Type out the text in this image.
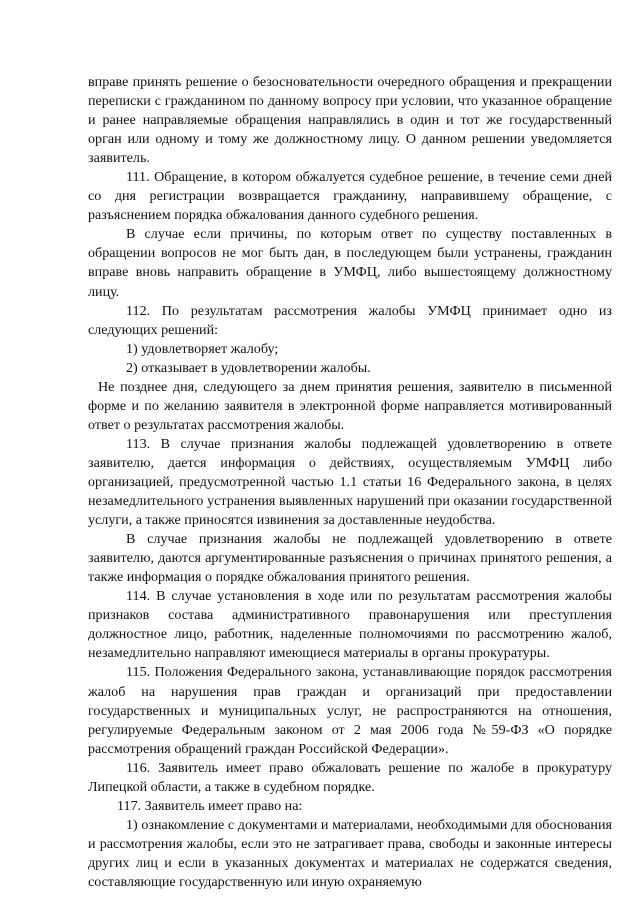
вправе принять решение о безосновательности очередного обращения и прекращении переписки с гражданином по данному вопросу при условии, что указанное обращение и ранее направляемые обращения направлялись в один и тот же государственный орган или одному и тому же должностному лицу. О данном решении уведомляется заявитель.

111. Обращение, в котором обжалуется судебное решение, в течение семи дней со дня регистрации возвращается гражданину, направившему обращение, с разъяснением порядка обжалования данного судебного решения.

В случае если причины, по которым ответ по существу поставленных в обращении вопросов не мог быть дан, в последующем были устранены, гражданин вправе вновь направить обращение в УМФЦ, либо вышестоящему должностному лицу.

112. По результатам рассмотрения жалобы УМФЦ принимает одно из следующих решений:

1) удовлетворяет жалобу;

2) отказывает в удовлетворении жалобы.

Не позднее дня, следующего за днем принятия решения, заявителю в письменной форме и по желанию заявителя в электронной форме направляется мотивированный ответ о результатах рассмотрения жалобы.

113. В случае признания жалобы подлежащей удовлетворению в ответе заявителю, дается информация о действиях, осуществляемым УМФЦ либо организацией, предусмотренной частью 1.1 статьи 16 Федерального закона, в целях незамедлительного устранения выявленных нарушений при оказании государственной услуги, а также приносятся извинения за доставленные неудобства.

В случае признания жалобы не подлежащей удовлетворению в ответе заявителю, даются аргументированные разъяснения о причинах принятого решения, а также информация о порядке обжалования принятого решения.

114. В случае установления в ходе или по результатам рассмотрения жалобы признаков состава административного правонарушения или преступления должностное лицо, работник, наделенные полномочиями по рассмотрению жалоб, незамедлительно направляют имеющиеся материалы в органы прокуратуры.

115. Положения Федерального закона, устанавливающие порядок рассмотрения жалоб на нарушения прав граждан и организаций при предоставлении государственных и муниципальных услуг, не распространяются на отношения, регулируемые Федеральным законом от 2 мая 2006 года №59-ФЗ «О порядке рассмотрения обращений граждан Российской Федерации».

116. Заявитель имеет право обжаловать решение по жалобе в прокуратуру Липецкой области, а также в судебном порядке.

117. Заявитель имеет право на:

1) ознакомление с документами и материалами, необходимыми для обоснования и рассмотрения жалобы, если это не затрагивает права, свободы и законные интересы других лиц и если в указанных документах и материалах не содержатся сведения, составляющие государственную или иную охраняемую
